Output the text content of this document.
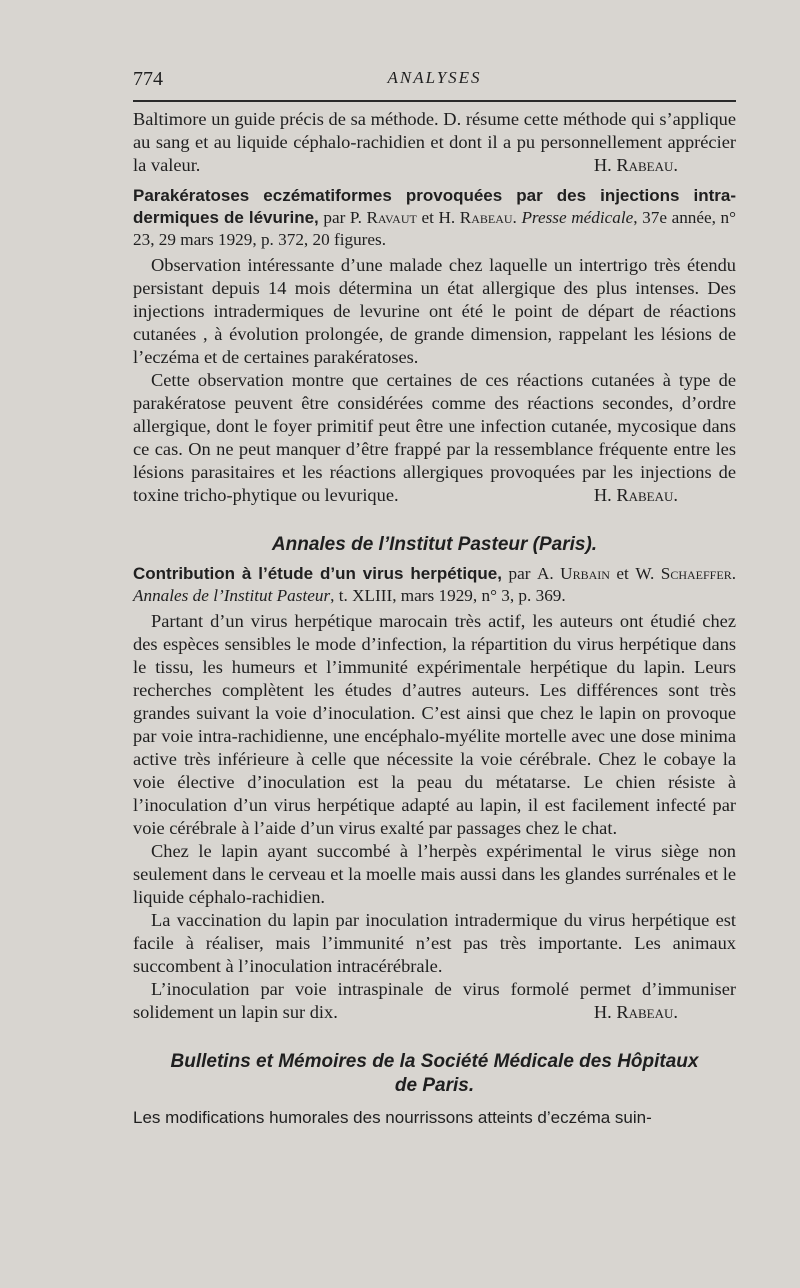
774	ANALYSES

Baltimore un guide précis de sa méthode. D. résume cette méthode qui s’applique au sang et au liquide céphalo-rachidien et dont il a pu personnellement apprécier la valeur.	H. Rabeau.

Parakératoses eczématiformes provoquées par des injections intra-dermiques de lévurine, par P. Ravaut et H. Rabeau. Presse médicale, 37e année, n° 23, 29 mars 1929, p. 372, 20 figures.

Observation intéressante d’une malade chez laquelle un intertrigo très étendu persistant depuis 14 mois détermina un état allergique des plus intenses. Des injections intradermiques de levurine ont été le point de départ de réactions cutanées , à évolution prolongée, de grande dimension, rappelant les lésions de l’eczéma et de certaines parakératoses.

Cette observation montre que certaines de ces réactions cutanées à type de parakératose peuvent être considérées comme des réactions secondes, d’ordre allergique, dont le foyer primitif peut être une infection cutanée, mycosique dans ce cas. On ne peut manquer d’être frappé par la ressemblance fréquente entre les lésions parasitaires et les réactions allergiques provoquées par les injections de toxine tricho-phytique ou levurique.	H. Rabeau.

Annales de l’Institut Pasteur (Paris).

Contribution à l’étude d’un virus herpétique, par A. Urbain et W. Schaeffer. Annales de l’Institut Pasteur, t. XLIII, mars 1929, n° 3, p. 369.

Partant d’un virus herpétique marocain très actif, les auteurs ont étudié chez des espèces sensibles le mode d’infection, la répartition du virus herpétique dans le tissu, les humeurs et l’immunité expérimentale herpétique du lapin. Leurs recherches complètent les études d’autres auteurs. Les différences sont très grandes suivant la voie d’inoculation. C’est ainsi que chez le lapin on provoque par voie intra-rachidienne, une encéphalo-myélite mortelle avec une dose minima active très inférieure à celle que nécessite la voie cérébrale. Chez le cobaye la voie élective d’inoculation est la peau du métatarse. Le chien résiste à l’inoculation d’un virus herpétique adapté au lapin, il est facilement infecté par voie cérébrale à l’aide d’un virus exalté par passages chez le chat.

Chez le lapin ayant succombé à l’herpès expérimental le virus siège non seulement dans le cerveau et la moelle mais aussi dans les glandes surrénales et le liquide céphalo-rachidien.

La vaccination du lapin par inoculation intradermique du virus herpétique est facile à réaliser, mais l’immunité n’est pas très importante. Les animaux succombent à l’inoculation intracérébrale.

L’inoculation par voie intraspinale de virus formolé permet d’immuniser solidement un lapin sur dix.	H. Rabeau.

Bulletins et Mémoires de la Société Médicale des Hôpitaux
de Paris.

Les modifications humorales des nourrissons atteints d’eczéma suin-
